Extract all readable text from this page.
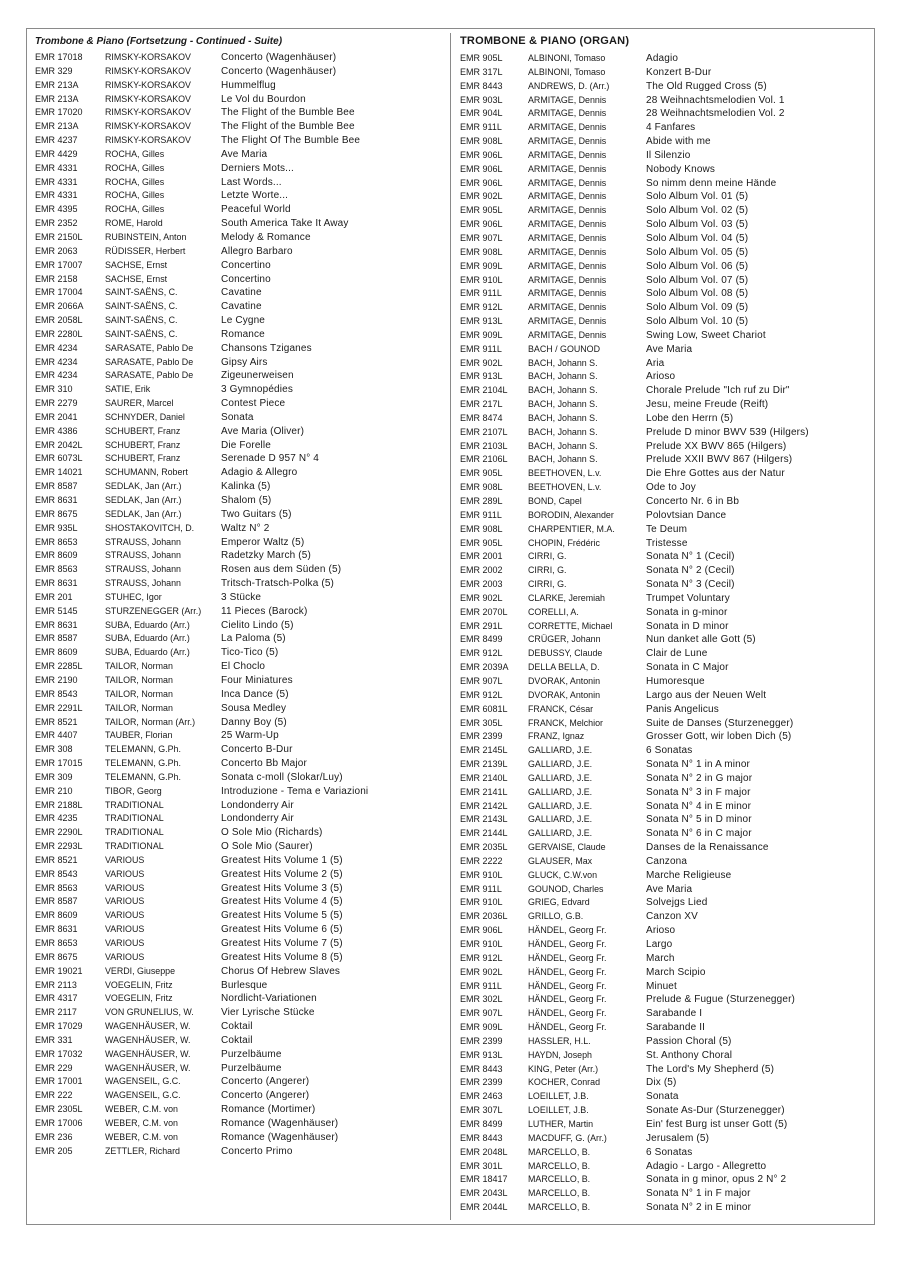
Trombone & Piano (Fortsetzung - Continued - Suite)
EMR 17018	RIMSKY-KORSAKOV	Concerto (Wagenhäuser)
EMR 329	RIMSKY-KORSAKOV	Concerto (Wagenhäuser)
EMR 213A	RIMSKY-KORSAKOV	Hummelflug
EMR 213A	RIMSKY-KORSAKOV	Le Vol du Bourdon
EMR 17020	RIMSKY-KORSAKOV	The Flight of the Bumble Bee
EMR 213A	RIMSKY-KORSAKOV	The Flight of the Bumble Bee
EMR 4237	RIMSKY-KORSAKOV	The Flight Of The Bumble Bee
EMR 4429	ROCHA, Gilles	Ave Maria
EMR 4331	ROCHA, Gilles	Derniers Mots...
EMR 4331	ROCHA, Gilles	Last Words...
EMR 4331	ROCHA, Gilles	Letzte Worte...
EMR 4395	ROCHA, Gilles	Peaceful World
EMR 2352	ROME, Harold	South America Take It Away
EMR 2150L	RUBINSTEIN, Anton	Melody & Romance
EMR 2063	RÜDISSER, Herbert	Allegro Barbaro
EMR 17007	SACHSE, Ernst	Concertino
EMR 2158	SACHSE, Ernst	Concertino
EMR 17004	SAINT-SAËNS, C.	Cavatine
EMR 2066A	SAINT-SAËNS, C.	Cavatine
EMR 2058L	SAINT-SAËNS, C.	Le Cygne
EMR 2280L	SAINT-SAËNS, C.	Romance
EMR 4234	SARASATE, Pablo De	Chansons Tziganes
EMR 4234	SARASATE, Pablo De	Gipsy Airs
EMR 4234	SARASATE, Pablo De	Zigeunerweisen
EMR 310	SATIE, Erik	3 Gymnopédies
EMR 2279	SAURER, Marcel	Contest Piece
EMR 2041	SCHNYDER, Daniel	Sonata
EMR 4386	SCHUBERT, Franz	Ave Maria (Oliver)
EMR 2042L	SCHUBERT, Franz	Die Forelle
EMR 6073L	SCHUBERT, Franz	Serenade D 957 N° 4
EMR 14021	SCHUMANN, Robert	Adagio & Allegro
EMR 8587	SEDLAK, Jan (Arr.)	Kalinka (5)
EMR 8631	SEDLAK, Jan (Arr.)	Shalom (5)
EMR 8675	SEDLAK, Jan (Arr.)	Two Guitars (5)
EMR 935L	SHOSTAKOVITCH, D.	Waltz N° 2
EMR 8653	STRAUSS, Johann	Emperor Waltz (5)
EMR 8609	STRAUSS, Johann	Radetzky March (5)
EMR 8563	STRAUSS, Johann	Rosen aus dem Süden (5)
EMR 8631	STRAUSS, Johann	Tritsch-Tratsch-Polka (5)
EMR 201	STUHEC, Igor	3 Stücke
EMR 5145	STURZENEGGER (Arr.) 11 Pieces (Barock)
EMR 8631	SUBA, Eduardo (Arr.)	Cielito Lindo (5)
EMR 8587	SUBA, Eduardo (Arr.)	La Paloma (5)
EMR 8609	SUBA, Eduardo (Arr.)	Tico-Tico (5)
EMR 2285L	TAILOR, Norman	El Choclo
EMR 2190	TAILOR, Norman	Four Miniatures
EMR 8543	TAILOR, Norman	Inca Dance (5)
EMR 2291L	TAILOR, Norman	Sousa Medley
EMR 8521	TAILOR, Norman (Arr.)	Danny Boy (5)
EMR 4407	TAUBER, Florian	25 Warm-Up
EMR 308	TELEMANN, G.Ph.	Concerto B-Dur
EMR 17015	TELEMANN, G.Ph.	Concerto Bb Major
EMR 309	TELEMANN, G.Ph.	Sonata c-moll (Slokar/Luy)
EMR 210	TIBOR, Georg	Introduzione - Tema e Variazioni
EMR 2188L	TRADITIONAL	Londonderry Air
EMR 4235	TRADITIONAL	Londonderry Air
EMR 2290L	TRADITIONAL	O Sole Mio (Richards)
EMR 2293L	TRADITIONAL	O Sole Mio (Saurer)
EMR 8521	VARIOUS	Greatest Hits Volume 1 (5)
EMR 8543	VARIOUS	Greatest Hits Volume 2 (5)
EMR 8563	VARIOUS	Greatest Hits Volume 3 (5)
EMR 8587	VARIOUS	Greatest Hits Volume 4 (5)
EMR 8609	VARIOUS	Greatest Hits Volume 5 (5)
EMR 8631	VARIOUS	Greatest Hits Volume 6 (5)
EMR 8653	VARIOUS	Greatest Hits Volume 7 (5)
EMR 8675	VARIOUS	Greatest Hits Volume 8 (5)
EMR 19021	VERDI, Giuseppe	Chorus Of Hebrew Slaves
EMR 2113	VOEGELIN, Fritz	Burlesque
EMR 4317	VOEGELIN, Fritz	Nordlicht-Variationen
EMR 2117	VON GRUNELIUS, W.	Vier Lyrische Stücke
EMR 17029	WAGENHÄUSER, W.	Coktail
EMR 331	WAGENHÄUSER, W.	Coktail
EMR 17032	WAGENHÄUSER, W.	Purzelbäume
EMR 229	WAGENHÄUSER, W.	Purzelbäume
EMR 17001	WAGENSEIL, G.C.	Concerto (Angerer)
EMR 222	WAGENSEIL, G.C.	Concerto (Angerer)
EMR 2305L	WEBER, C.M. von	Romance (Mortimer)
EMR 17006	WEBER, C.M. von	Romance (Wagenhäuser)
EMR 236	WEBER, C.M. von	Romance (Wagenhäuser)
EMR 205	ZETTLER, Richard	Concerto Primo
TROMBONE & PIANO (ORGAN)
EMR 905L	ALBINONI, Tomaso	Adagio
EMR 317L	ALBINONI, Tomaso	Konzert B-Dur
EMR 8443	ANDREWS, D. (Arr.)	The Old Rugged Cross (5)
EMR 903L	ARMITAGE, Dennis	28 Weihnachtsmelodien Vol. 1
EMR 904L	ARMITAGE, Dennis	28 Weihnachtsmelodien Vol. 2
EMR 911L	ARMITAGE, Dennis	4 Fanfares
EMR 908L	ARMITAGE, Dennis	Abide with me
EMR 906L	ARMITAGE, Dennis	Il Silenzio
EMR 906L	ARMITAGE, Dennis	Nobody Knows
EMR 906L	ARMITAGE, Dennis	So nimm denn meine Hände
EMR 902L	ARMITAGE, Dennis	Solo Album Vol. 01 (5)
EMR 905L	ARMITAGE, Dennis	Solo Album Vol. 02 (5)
EMR 906L	ARMITAGE, Dennis	Solo Album Vol. 03 (5)
EMR 907L	ARMITAGE, Dennis	Solo Album Vol. 04 (5)
EMR 908L	ARMITAGE, Dennis	Solo Album Vol. 05 (5)
EMR 909L	ARMITAGE, Dennis	Solo Album Vol. 06 (5)
EMR 910L	ARMITAGE, Dennis	Solo Album Vol. 07 (5)
EMR 911L	ARMITAGE, Dennis	Solo Album Vol. 08 (5)
EMR 912L	ARMITAGE, Dennis	Solo Album Vol. 09 (5)
EMR 913L	ARMITAGE, Dennis	Solo Album Vol. 10 (5)
EMR 909L	ARMITAGE, Dennis	Swing Low, Sweet Chariot
EMR 911L	BACH / GOUNOD	Ave Maria
EMR 902L	BACH, Johann S.	Aria
EMR 913L	BACH, Johann S.	Arioso
EMR 2104L	BACH, Johann S.	Chorale Prelude "Ich ruf zu Dir"
EMR 217L	BACH, Johann S.	Jesu, meine Freude (Reift)
EMR 8474	BACH, Johann S.	Lobe den Herrn (5)
EMR 2107L	BACH, Johann S.	Prelude D minor BWV 539 (Hilgers)
EMR 2103L	BACH, Johann S.	Prelude XX BWV 865 (Hilgers)
EMR 2106L	BACH, Johann S.	Prelude XXII BWV 867 (Hilgers)
EMR 905L	BEETHOVEN, L.v.	Die Ehre Gottes aus der Natur
EMR 908L	BEETHOVEN, L.v.	Ode to Joy
EMR 289L	BOND, Capel	Concerto Nr. 6 in Bb
EMR 911L	BORODIN, Alexander	Polovtsian Dance
EMR 908L	CHARPENTIER, M.A.	Te Deum
EMR 905L	CHOPIN, Frédéric	Tristesse
EMR 2001	CIRRI, G.	Sonata N° 1 (Cecil)
EMR 2002	CIRRI, G.	Sonata N° 2 (Cecil)
EMR 2003	CIRRI, G.	Sonata N° 3 (Cecil)
EMR 902L	CLARKE, Jeremiah	Trumpet Voluntary
EMR 2070L	CORELLI, A.	Sonata in g-minor
EMR 291L	CORRETTE, Michael	Sonata in D minor
EMR 8499	CRÜGER, Johann	Nun danket alle Gott (5)
EMR 912L	DEBUSSY, Claude	Clair de Lune
EMR 2039A	DELLA BELLA, D.	Sonata in C Major
EMR 907L	DVORAK, Antonin	Humoresque
EMR 912L	DVORAK, Antonin	Largo aus der Neuen Welt
EMR 6081L	FRANCK, César	Panis Angelicus
EMR 305L	FRANCK, Melchior	Suite de Danses (Sturzenegger)
EMR 2399	FRANZ, Ignaz	Grosser Gott, wir loben Dich (5)
EMR 2145L	GALLIARD, J.E.	6 Sonatas
EMR 2139L	GALLIARD, J.E.	Sonata N° 1 in A minor
EMR 2140L	GALLIARD, J.E.	Sonata N° 2 in G major
EMR 2141L	GALLIARD, J.E.	Sonata N° 3 in F major
EMR 2142L	GALLIARD, J.E.	Sonata N° 4 in E minor
EMR 2143L	GALLIARD, J.E.	Sonata N° 5 in D minor
EMR 2144L	GALLIARD, J.E.	Sonata N° 6 in C major
EMR 2035L	GERVAISE, Claude	Danses de la Renaissance
EMR 2222	GLAUSER, Max	Canzona
EMR 910L	GLUCK, C.W.von	Marche Religieuse
EMR 911L	GOUNOD, Charles	Ave Maria
EMR 910L	GRIEG, Edvard	Solvejgs Lied
EMR 2036L	GRILLO, G.B.	Canzon XV
EMR 906L	HÄNDEL, Georg Fr.	Arioso
EMR 910L	HÄNDEL, Georg Fr.	Largo
EMR 912L	HÄNDEL, Georg Fr.	March
EMR 902L	HÄNDEL, Georg Fr.	March Scipio
EMR 911L	HÄNDEL, Georg Fr.	Minuet
EMR 302L	HÄNDEL, Georg Fr.	Prelude & Fugue (Sturzenegger)
EMR 907L	HÄNDEL, Georg Fr.	Sarabande I
EMR 909L	HÄNDEL, Georg Fr.	Sarabande II
EMR 2399	HASSLER, H.L.	Passion Choral (5)
EMR 913L	HAYDN, Joseph	St. Anthony Choral
EMR 8443	KING, Peter (Arr.)	The Lord's My Shepherd (5)
EMR 2399	KOCHER, Conrad	Dix (5)
EMR 2463	LOEILLET, J.B.	Sonata
EMR 307L	LOEILLET, J.B.	Sonate As-Dur (Sturzenegger)
EMR 8499	LUTHER, Martin	Ein' fest Burg ist unser Gott (5)
EMR 8443	MACDUFF, G. (Arr.)	Jerusalem (5)
EMR 2048L	MARCELLO, B.	6 Sonatas
EMR 301L	MARCELLO, B.	Adagio - Largo - Allegretto
EMR 18417	MARCELLO, B.	Sonata in g minor, opus 2 N° 2
EMR 2043L	MARCELLO, B.	Sonata N° 1 in F major
EMR 2044L	MARCELLO, B.	Sonata N° 2 in E minor
